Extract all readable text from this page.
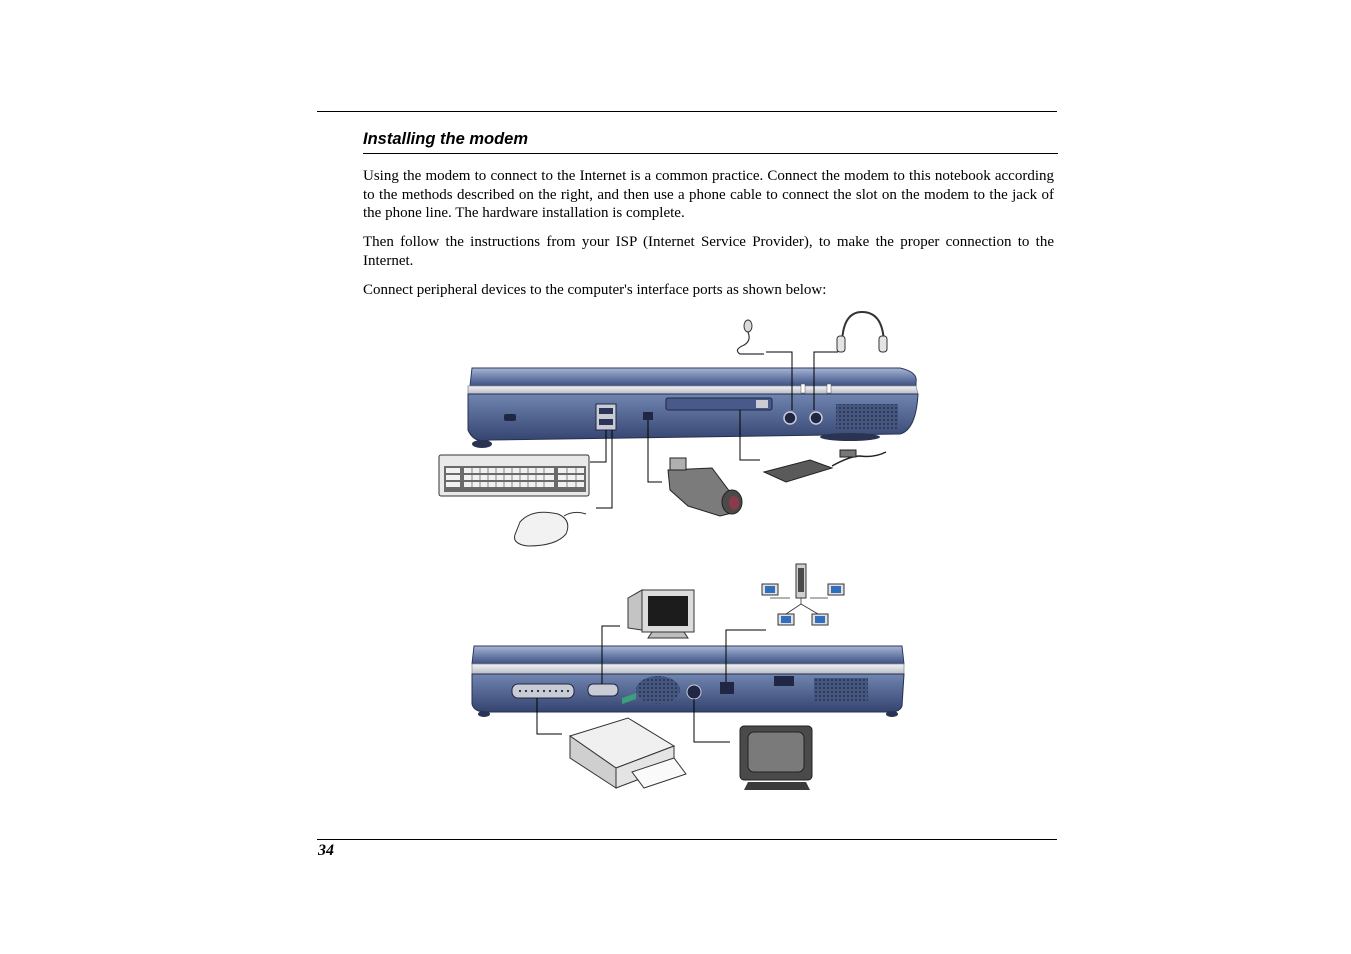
Installing the modem

Using the modem to connect to the Internet is a common practice. Connect the modem to this notebook according to the methods described on the right, and then use a phone cable to connect the slot on the modem to the jack of the phone line. The hardware installation is complete.

Then follow the instructions from your ISP (Internet Service Provider), to make the proper connection to the Internet.

Connect peripheral devices to the computer's interface ports as shown below:

34
